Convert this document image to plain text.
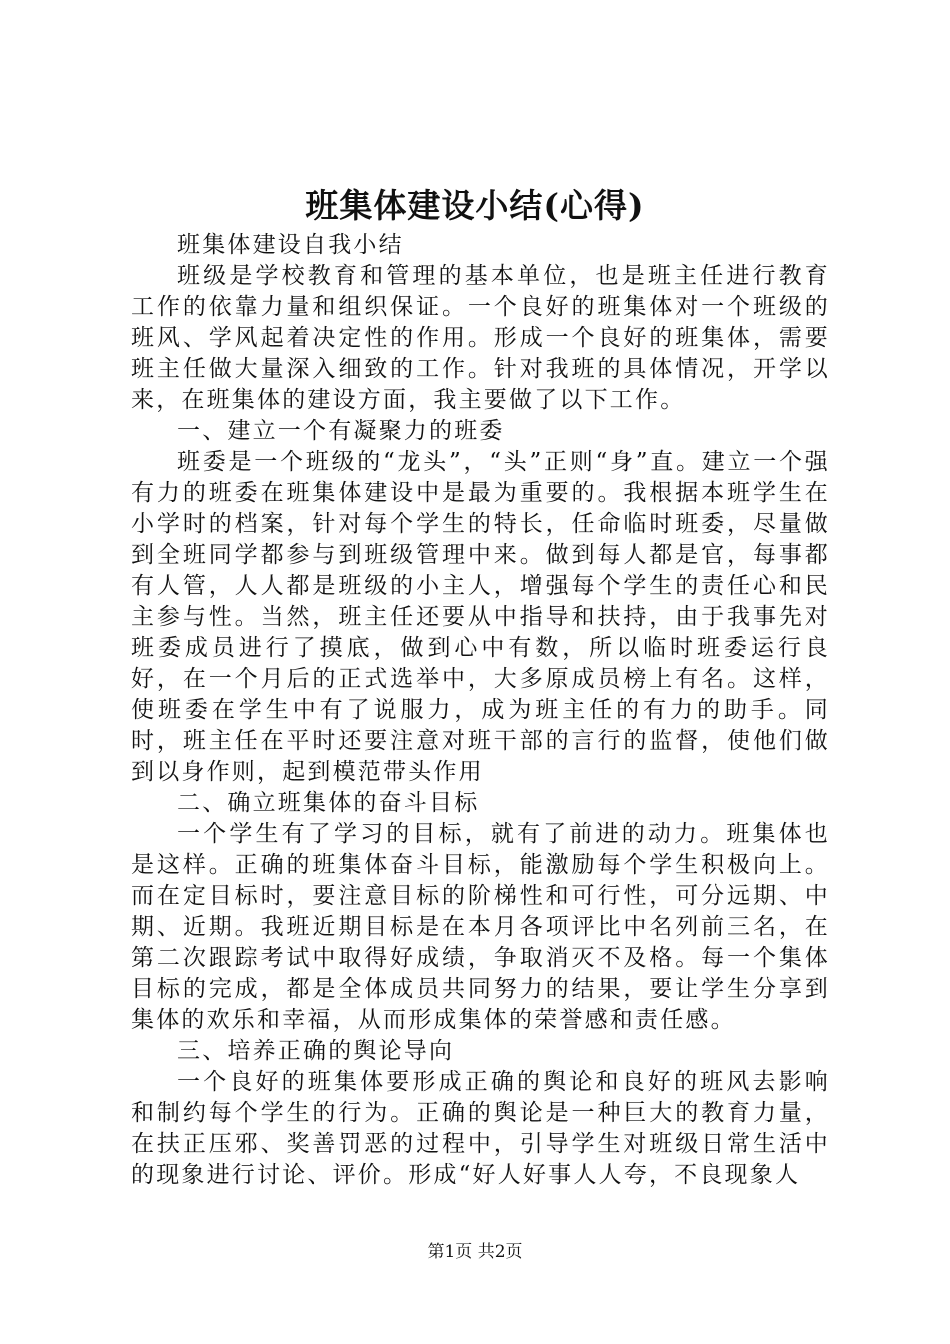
班集体建设小结(心得)

班集体建设自我小结

班级是学校教育和管理的基本单位，也是班主任进行教育工作的依靠力量和组织保证。一个良好的班集体对一个班级的班风、学风起着决定性的作用。形成一个良好的班集体，需要班主任做大量深入细致的工作。针对我班的具体情况，开学以来，在班集体的建设方面，我主要做了以下工作。

一、建立一个有凝聚力的班委

班委是一个班级的“龙头”，“头”正则“身”直。建立一个强有力的班委在班集体建设中是最为重要的。我根据本班学生在小学时的档案，针对每个学生的特长，任命临时班委，尽量做到全班同学都参与到班级管理中来。做到每人都是官，每事都有人管，人人都是班级的小主人，增强每个学生的责任心和民主参与性。当然，班主任还要从中指导和扶持，由于我事先对班委成员进行了摸底，做到心中有数，所以临时班委运行良好，在一个月后的正式选举中，大多原成员榜上有名。这样，使班委在学生中有了说服力，成为班主任的有力的助手。同时，班主任在平时还要注意对班干部的言行的监督，使他们做到以身作则，起到模范带头作用

二、确立班集体的奋斗目标

一个学生有了学习的目标，就有了前进的动力。班集体也是这样。正确的班集体奋斗目标，能激励每个学生积极向上。而在定目标时，要注意目标的阶梯性和可行性，可分远期、中期、近期。我班近期目标是在本月各项评比中名列前三名，在第二次跟踪考试中取得好成绩，争取消灭不及格。每一个集体目标的完成，都是全体成员共同努力的结果，要让学生分享到集体的欢乐和幸福，从而形成集体的荣誉感和责任感。

三、培养正确的舆论导向

一个良好的班集体要形成正确的舆论和良好的班风去影响和制约每个学生的行为。正确的舆论是一种巨大的教育力量，在扶正压邪、奖善罚恶的过程中，引导学生对班级日常生活中的现象进行讨论、评价。形成“好人好事人人夸，不良现象人

第1页 共2页
